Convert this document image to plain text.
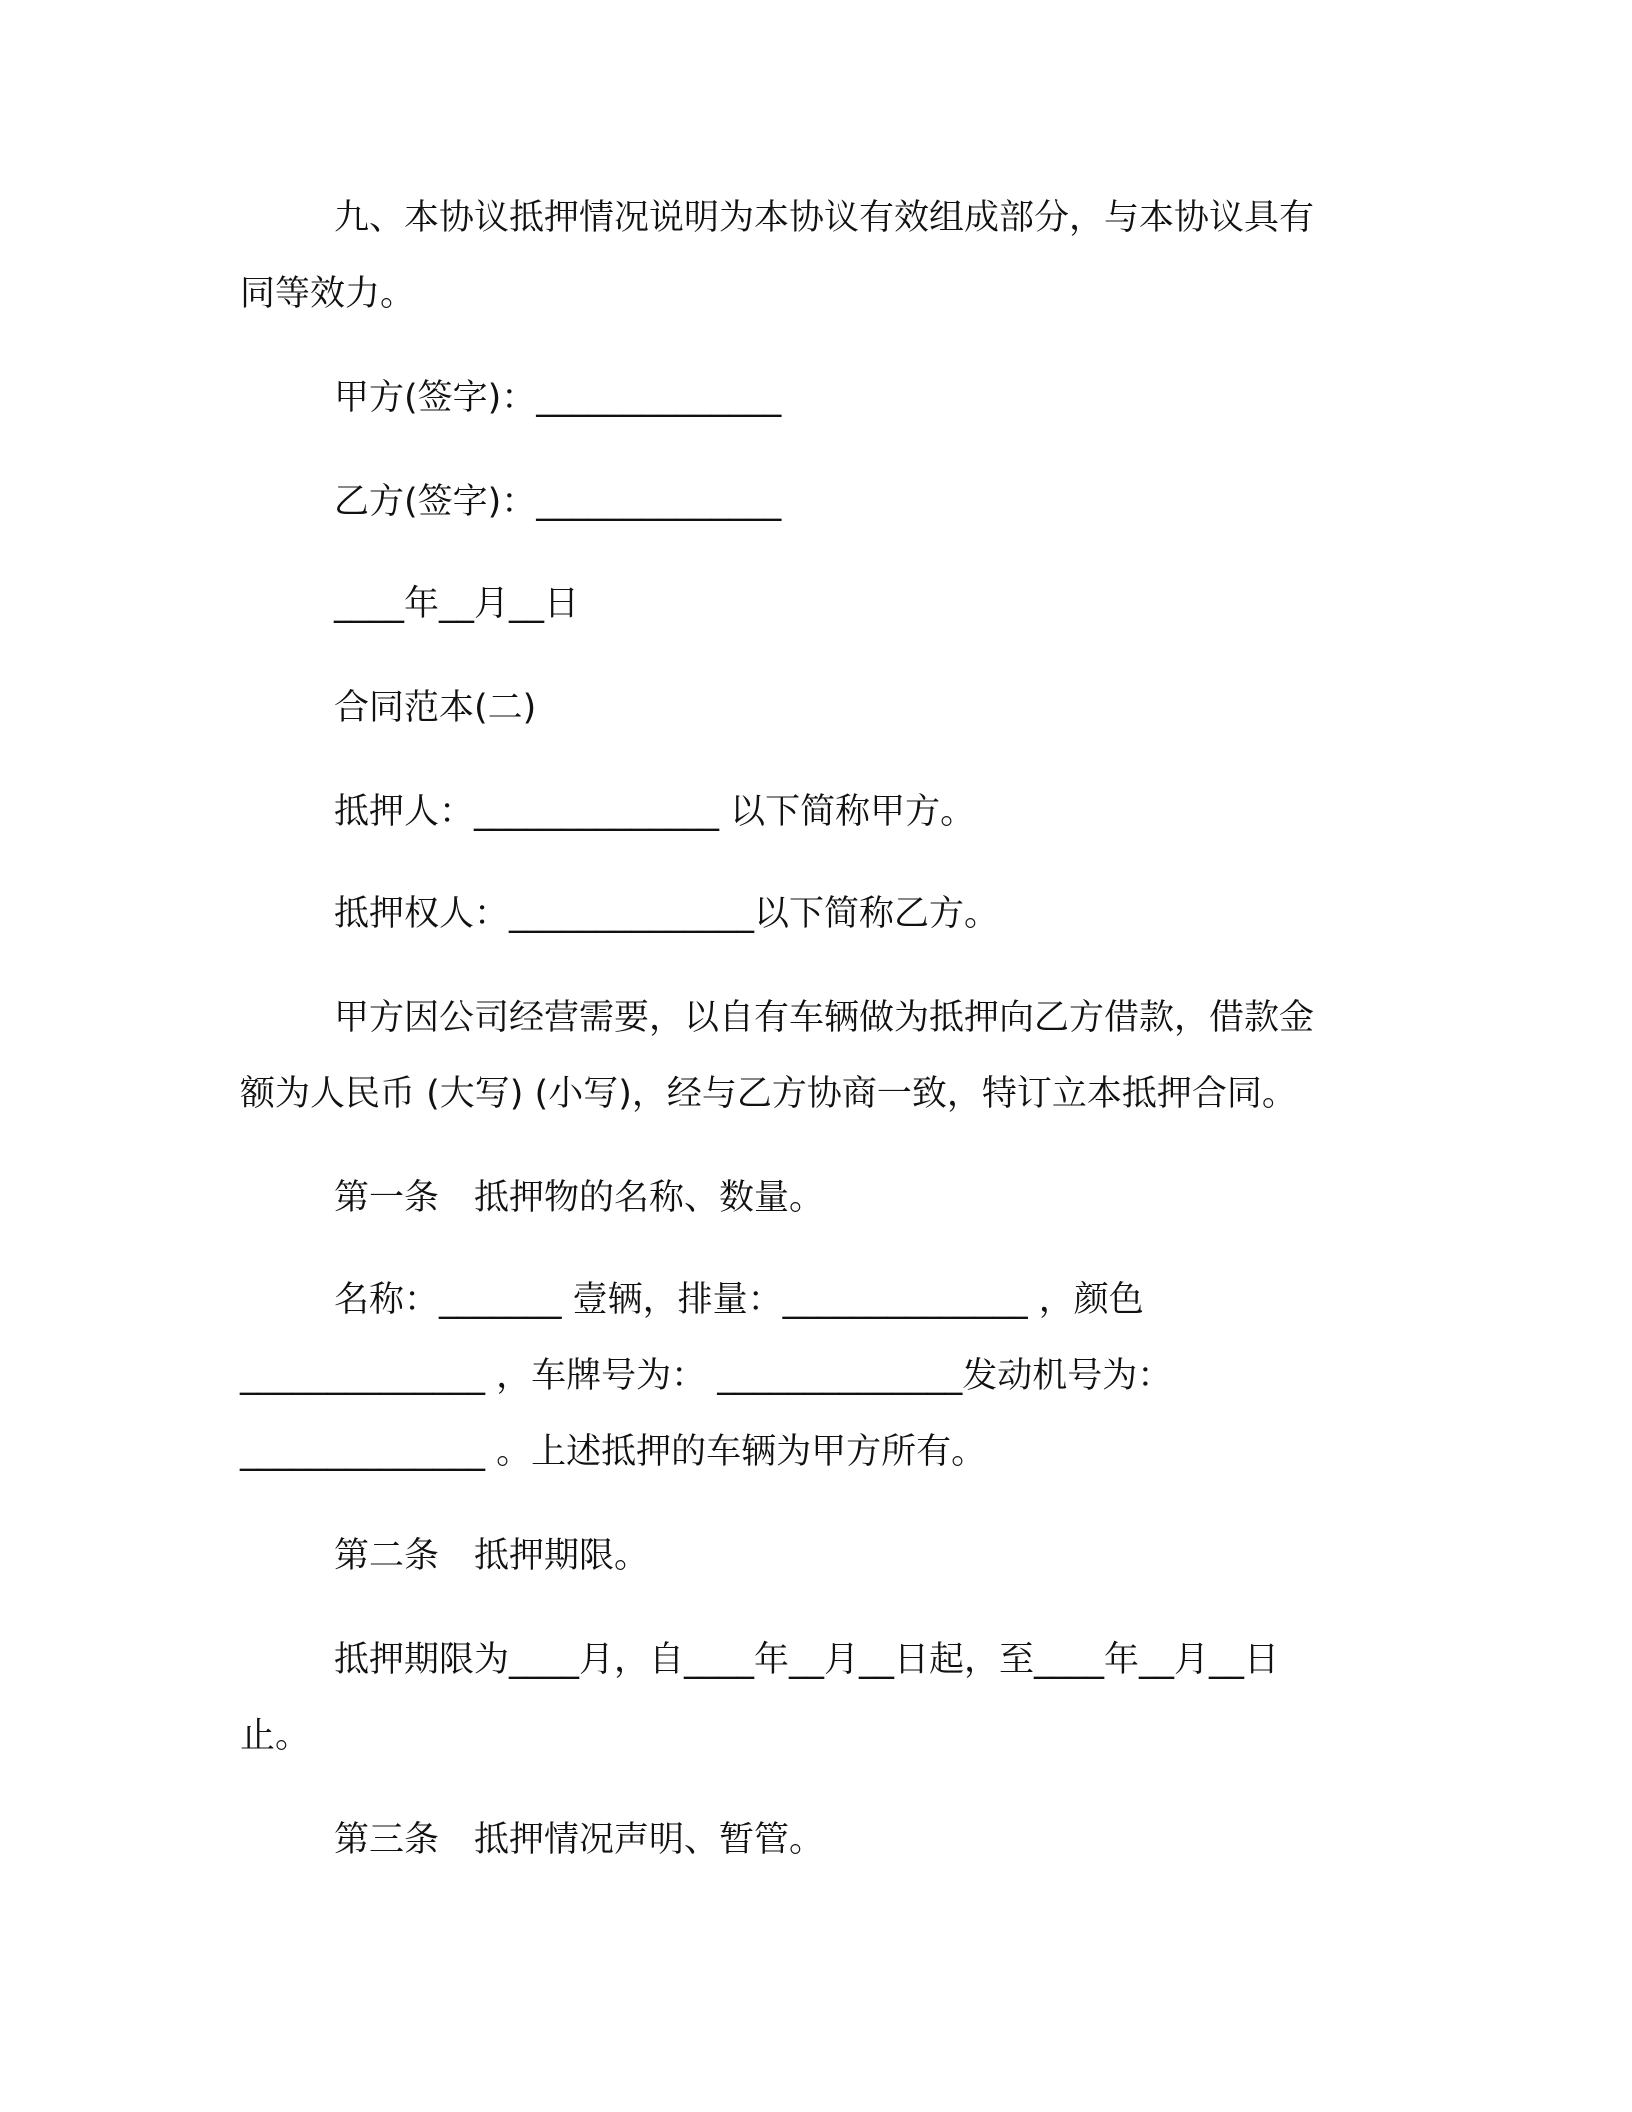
九、本协议抵押情况说明为本协议有效组成部分，与本协议具有
同等效力。
甲方(签字)：______________
乙方(签字)：______________
____年__月__日
合同范本(二)
抵押人：______________ 以下简称甲方。
抵押权人：______________以下简称乙方。
甲方因公司经营需要，以自有车辆做为抵押向乙方借款，借款金
额为人民币 (大写) (小写)，经与乙方协商一致，特订立本抵押合同。
第一条　抵押物的名称、数量。
名称：_______ 壹辆，排量：______________ ，颜色
______________ ，车牌号为： ______________发动机号为：
______________ 。上述抵押的车辆为甲方所有。
第二条　抵押期限。
抵押期限为____月，自____年__月__日起，至____年__月__日
止。
第三条　抵押情况声明、暂管。
